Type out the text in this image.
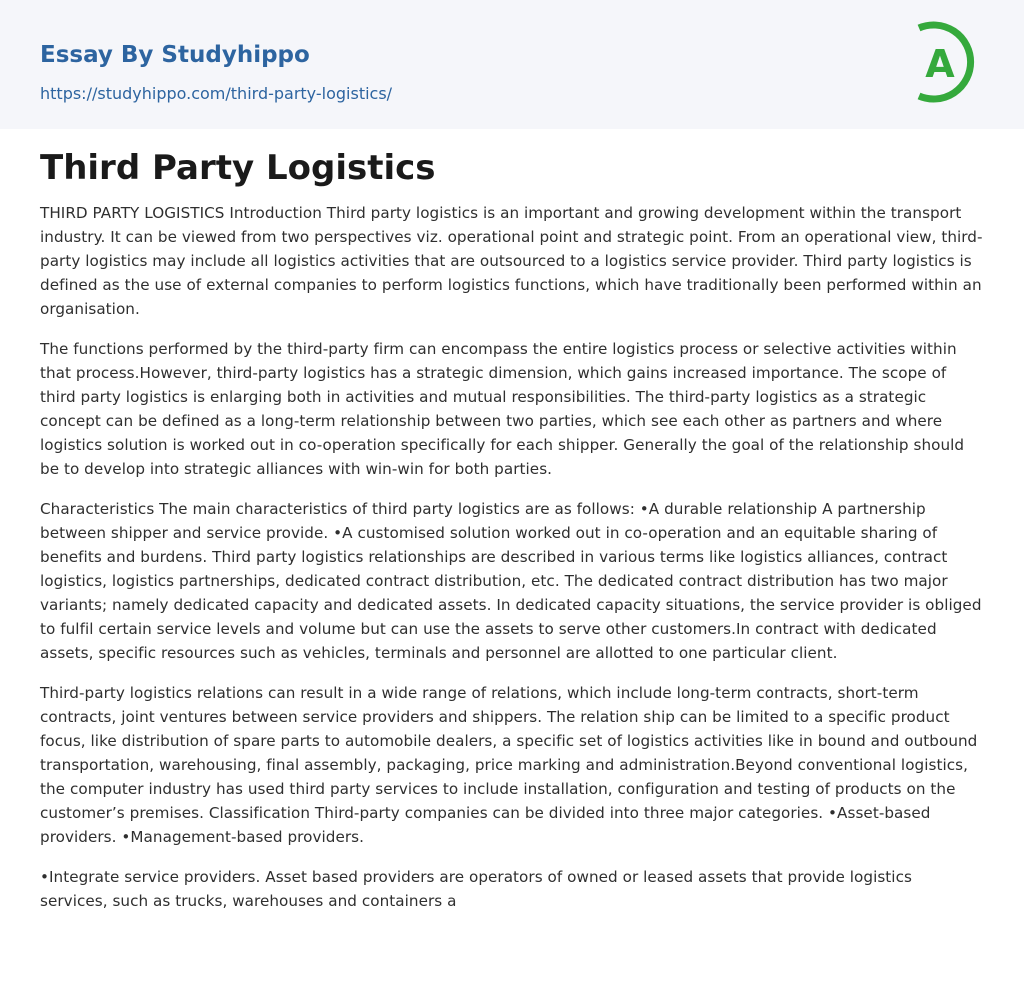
Essay By Studyhippo
https://studyhippo.com/third-party-logistics/
A
Third Party Logistics

THIRD PARTY LOGISTICS Introduction Third party logistics is an important and growing development within the transport industry. It can be viewed from two perspectives viz. operational point and strategic point. From an operational view, third-party logistics may include all logistics activities that are outsourced to a logistics service provider. Third party logistics is defined as the use of external companies to perform logistics functions, which have traditionally been performed within an organisation.

The functions performed by the third-party firm can encompass the entire logistics process or selective activities within that process.However, third-party logistics has a strategic dimension, which gains increased importance. The scope of third party logistics is enlarging both in activities and mutual responsibilities. The third-party logistics as a strategic concept can be defined as a long-term relationship between two parties, which see each other as partners and where logistics solution is worked out in co-operation specifically for each shipper. Generally the goal of the relationship should be to develop into strategic alliances with win-win for both parties.

Characteristics The main characteristics of third party logistics are as follows: •A durable relationship A partnership between shipper and service provide. •A customised solution worked out in co-operation and an equitable sharing of benefits and burdens. Third party logistics relationships are described in various terms like logistics alliances, contract logistics, logistics partnerships, dedicated contract distribution, etc. The dedicated contract distribution has two major variants; namely dedicated capacity and dedicated assets. In dedicated capacity situations, the service provider is obliged to fulfil certain service levels and volume but can use the assets to serve other customers.In contract with dedicated assets, specific resources such as vehicles, terminals and personnel are allotted to one particular client.

Third-party logistics relations can result in a wide range of relations, which include long-term contracts, short-term contracts, joint ventures between service providers and shippers. The relation ship can be limited to a specific product focus, like distribution of spare parts to automobile dealers, a specific set of logistics activities like in bound and outbound transportation, warehousing, final assembly, packaging, price marking and administration.Beyond conventional logistics, the computer industry has used third party services to include installation, configuration and testing of products on the customer’s premises. Classification Third-party companies can be divided into three major categories. •Asset-based providers. •Management-based providers.

•Integrate service providers. Asset based providers are operators of owned or leased assets that provide logistics services, such as trucks, warehouses and containers a
